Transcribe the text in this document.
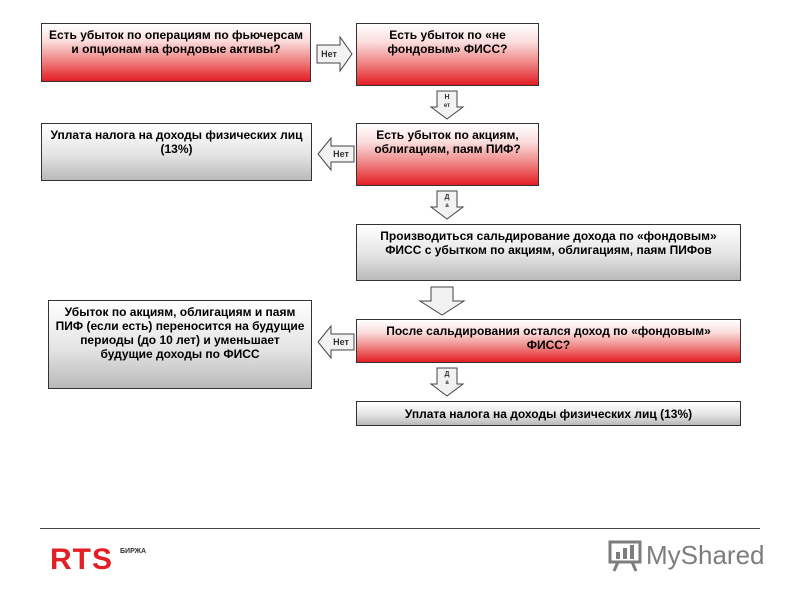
Есть убыток по операциям по фьючерсам и опционам на фондовые активы?	Нет
Есть убыток по «не фондовым» ФИСС?
Н
ет
Уплата налога на доходы физических лиц (13%)	Нет
Есть убыток по акциям, облигациям, паям ПИФ?
Д
а
Производиться сальдирование дохода по «фондовым» ФИСС с убытком по акциям, облигациям, паям ПИФов
Убыток по акциям, облигациям и паям ПИФ (если есть) переносится на будущие периоды (до 10 лет) и уменьшает будущие доходы по ФИСС
Нет
После сальдирования остался доход по «фондовым» ФИСС?
Д
а
Уплата налога на доходы физических лиц (13%)
RTS БИРЖА	MyShared
